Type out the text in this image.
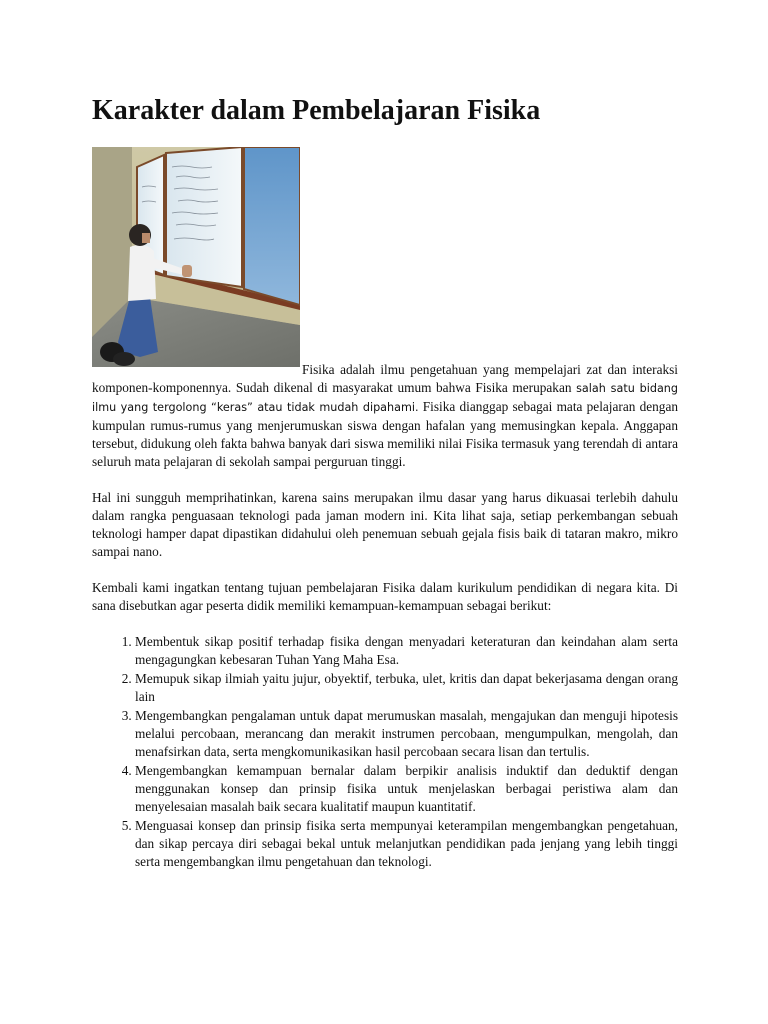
Karakter dalam Pembelajaran Fisika

Fisika adalah ilmu pengetahuan yang mempelajari zat dan interaksi komponen-komponennya. Sudah dikenal di masyarakat umum bahwa Fisika merupakan salah satu bidang ilmu yang tergolong “keras” atau tidak mudah dipahami. Fisika dianggap sebagai mata pelajaran dengan kumpulan rumus-rumus yang menjerumuskan siswa dengan hafalan yang memusingkan kepala. Anggapan tersebut, didukung oleh fakta bahwa banyak dari siswa memiliki nilai Fisika termasuk yang terendah di antara seluruh mata pelajaran di sekolah sampai perguruan tinggi.

Hal ini sungguh memprihatinkan, karena sains merupakan ilmu dasar yang harus dikuasai terlebih dahulu dalam rangka penguasaan teknologi pada jaman modern ini. Kita lihat saja, setiap perkembangan sebuah teknologi hamper dapat dipastikan didahului oleh penemuan sebuah gejala fisis baik di tataran makro, mikro sampai nano.

Kembali kami ingatkan tentang tujuan pembelajaran Fisika dalam kurikulum pendidikan di negara kita. Di sana disebutkan agar peserta didik memiliki kemampuan-kemampuan sebagai berikut:

1. Membentuk sikap positif terhadap fisika dengan menyadari keteraturan dan keindahan alam serta mengagungkan kebesaran Tuhan Yang Maha Esa.
2. Memupuk sikap ilmiah yaitu jujur, obyektif, terbuka, ulet, kritis dan dapat bekerjasama dengan orang lain
3. Mengembangkan pengalaman untuk dapat merumuskan masalah, mengajukan dan menguji hipotesis melalui percobaan, merancang dan merakit instrumen percobaan, mengumpulkan, mengolah, dan menafsirkan data, serta mengkomunikasikan hasil percobaan secara lisan dan tertulis.
4. Mengembangkan kemampuan bernalar dalam berpikir analisis induktif dan deduktif dengan menggunakan konsep dan prinsip fisika untuk menjelaskan berbagai peristiwa alam dan menyelesaian masalah baik secara kualitatif maupun kuantitatif.
5. Menguasai konsep dan prinsip fisika serta mempunyai keterampilan mengembangkan pengetahuan, dan sikap percaya diri sebagai bekal untuk melanjutkan pendidikan pada jenjang yang lebih tinggi serta mengembangkan ilmu pengetahuan dan teknologi.
